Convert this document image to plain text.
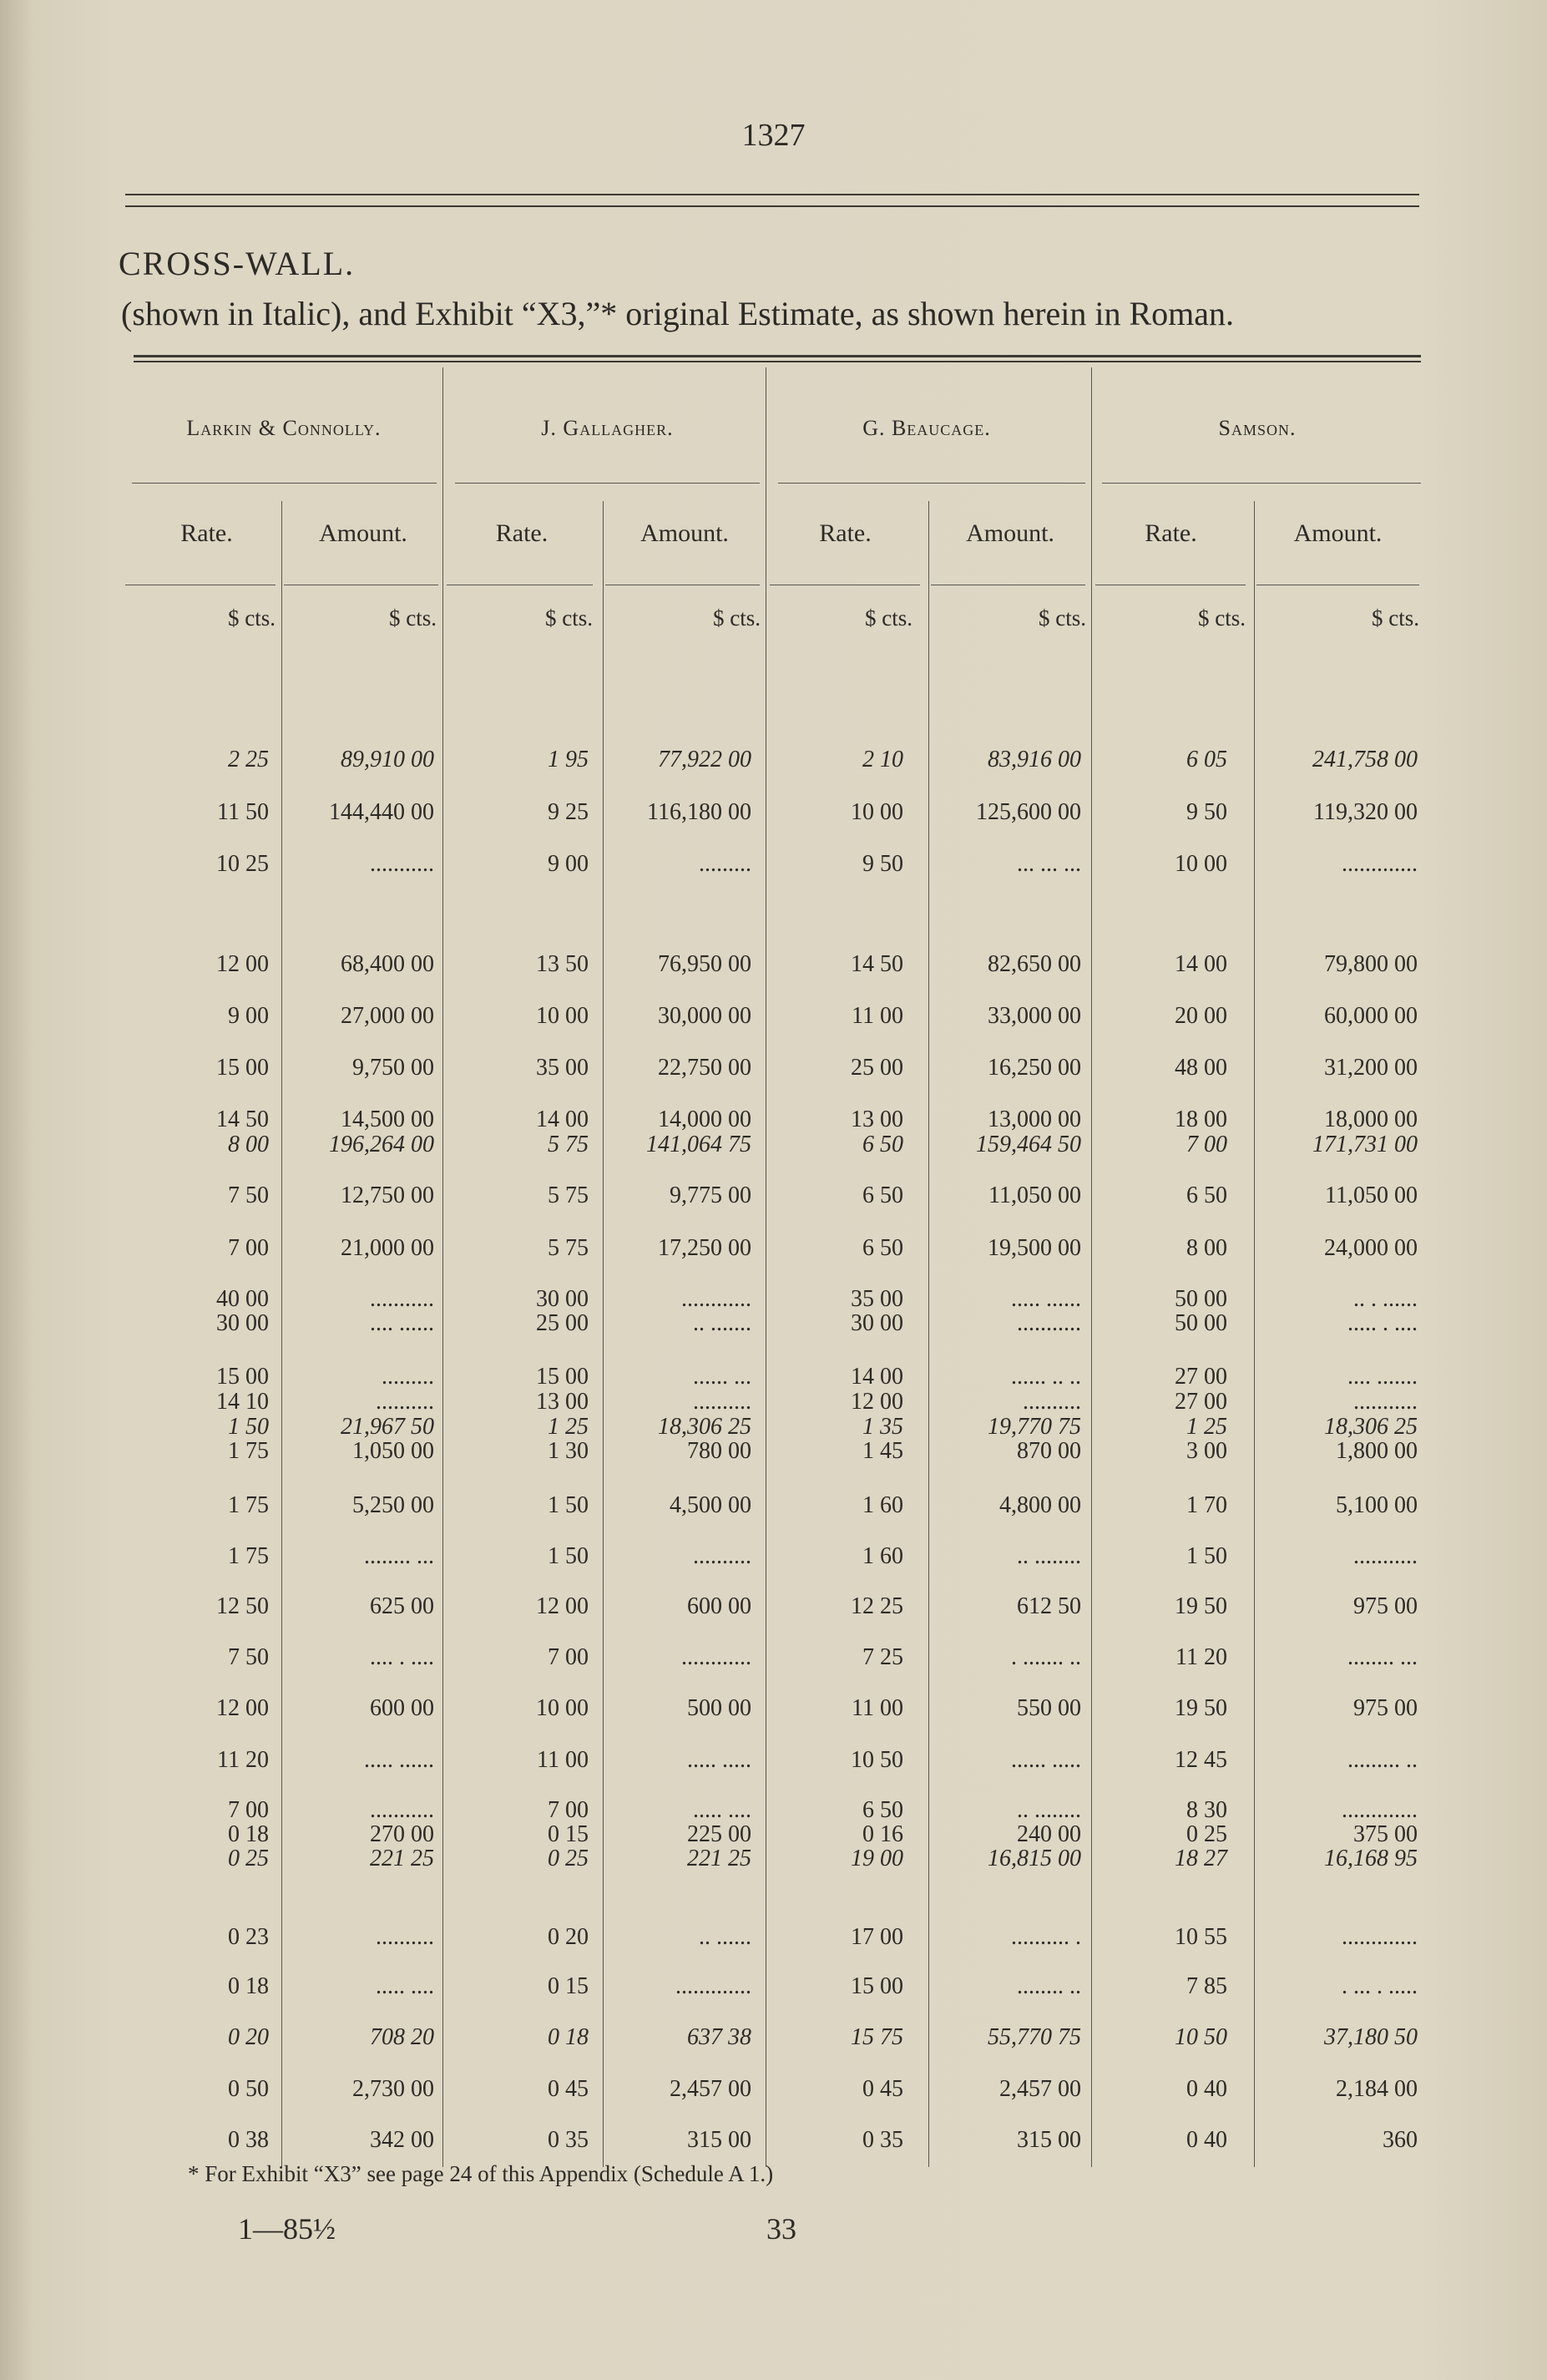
1327
CROSS-WALL.
(shown in Italic), and Exhibit “X3,”* original Estimate, as shown herein in Roman.
Larkin & Connolly.	J. Gallagher.	G. Beaucage.	Samson.
Rate.	Amount.	Rate.	Amount.	Rate.	Amount.	Rate.	Amount.
$ cts.	$ cts.	$ cts.	$ cts.	$ cts.	$ cts.	$ cts.	$ cts.
2 25	89,910 00	1 95	77,922 00	2 10	83,916 00	6 05	241,758 00
11 50	144,440 00	9 25	116,180 00	10 00	125,600 00	9 50	119,320 00
10 25	...........	9 00	.........	9 50	... ... ...	10 00	.............
12 00	68,400 00	13 50	76,950 00	14 50	82,650 00	14 00	79,800 00
9 00	27,000 00	10 00	30,000 00	11 00	33,000 00	20 00	60,000 00
15 00	9,750 00	35 00	22,750 00	25 00	16,250 00	48 00	31,200 00
14 50	14,500 00	14 00	14,000 00	13 00	13,000 00	18 00	18,000 00
8 00	196,264 00	5 75	141,064 75	6 50	159,464 50	7 00	171,731 00
7 50	12,750 00	5 75	9,775 00	6 50	11,050 00	6 50	11,050 00
7 00	21,000 00	5 75	17,250 00	6 50	19,500 00	8 00	24,000 00
40 00	...........	30 00	............	35 00	..... ......	50 00	.. . ......
30 00	.... ......	25 00	.. .......	30 00	...........	50 00	..... . ....
15 00	.........	15 00	...... ...	14 00	...... .. ..	27 00	.... .......
14 10	..........	13 00	..........	12 00	..........	27 00	...........
1 50	21,967 50	1 25	18,306 25	1 35	19,770 75	1 25	18,306 25
1 75	1,050 00	1 30	780 00	1 45	870 00	3 00	1,800 00
1 75	5,250 00	1 50	4,500 00	1 60	4,800 00	1 70	5,100 00
1 75	........ ...	1 50	..........	1 60	.. ........	1 50	...........
12 50	625 00	12 00	600 00	12 25	612 50	19 50	975 00
7 50	.... . ....	7 00	............	7 25	. ....... ..	11 20	........ ...
12 00	600 00	10 00	500 00	11 00	550 00	19 50	975 00
11 20	..... ......	11 00	..... .....	10 50	...... .....	12 45	......... ..
7 00	...........	7 00	..... ....	6 50	.. ........	8 30	.............
0 18	270 00	0 15	225 00	0 16	240 00	0 25	375 00
0 25	221 25	0 25	221 25	19 00	16,815 00	18 27	16,168 95
0 23	..........	0 20	.. ......	17 00	.......... .	10 55	.............
0 18	..... ....	0 15	.............	15 00	........ ..	7 85	. ... . .....
0 20	708 20	0 18	637 38	15 75	55,770 75	10 50	37,180 50
0 50	2,730 00	0 45	2,457 00	0 45	2,457 00	0 40	2,184 00
0 38	342 00	0 35	315 00	0 35	315 00	0 40	360
* For Exhibit “X3” see page 24 of this Appendix (Schedule A 1.)
1—85½	33
